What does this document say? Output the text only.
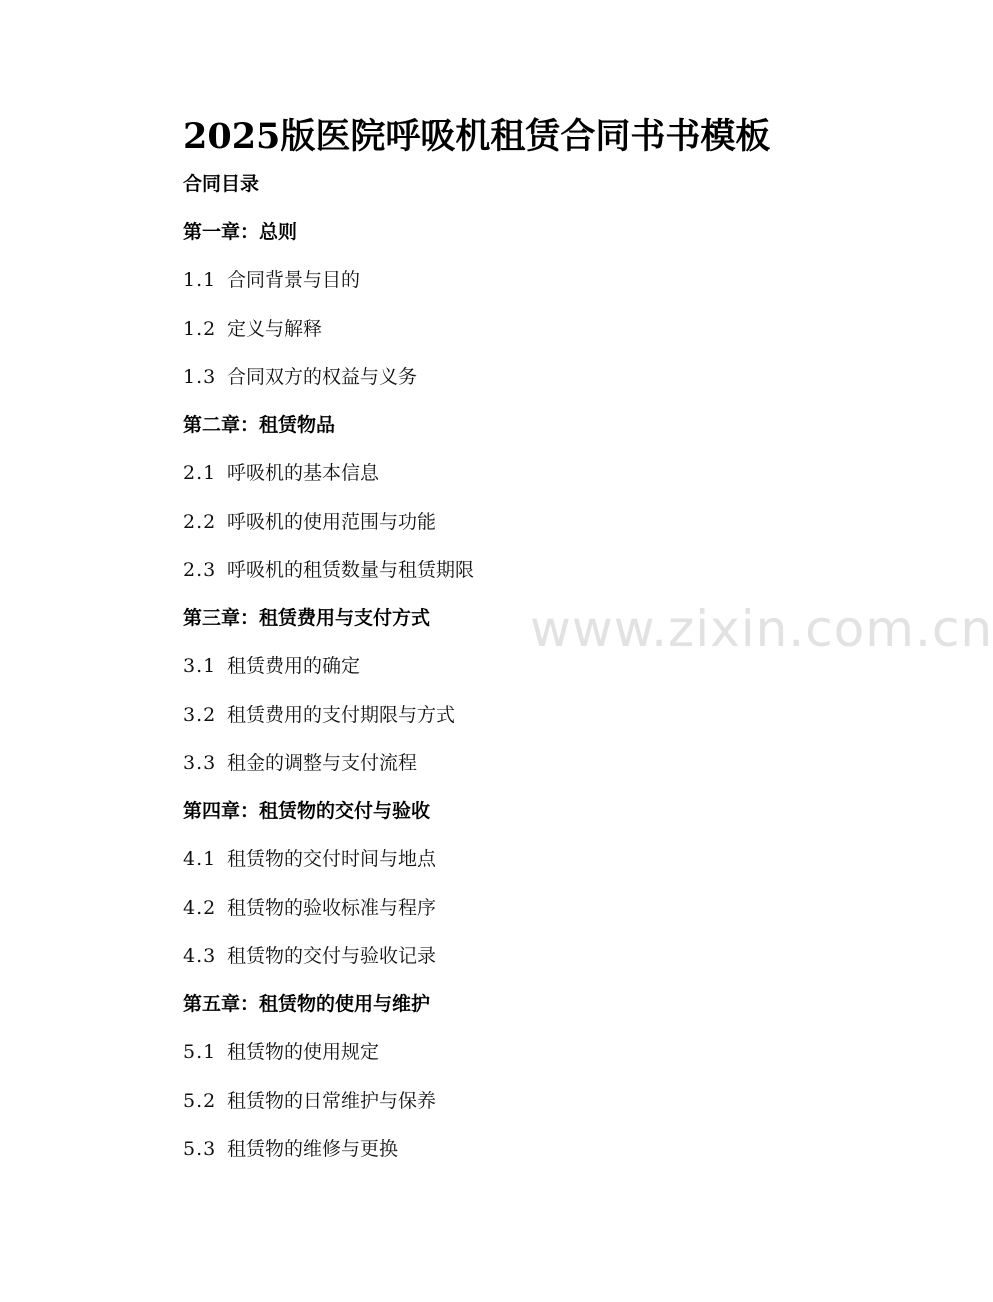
www.zixin.com.cn
2025版医院呼吸机租赁合同书书模板
合同目录
第一章：总则
1.1 合同背景与目的
1.2 定义与解释
1.3 合同双方的权益与义务
第二章：租赁物品
2.1 呼吸机的基本信息
2.2 呼吸机的使用范围与功能
2.3 呼吸机的租赁数量与租赁期限
第三章：租赁费用与支付方式
3.1 租赁费用的确定
3.2 租赁费用的支付期限与方式
3.3 租金的调整与支付流程
第四章：租赁物的交付与验收
4.1 租赁物的交付时间与地点
4.2 租赁物的验收标准与程序
4.3 租赁物的交付与验收记录
第五章：租赁物的使用与维护
5.1 租赁物的使用规定
5.2 租赁物的日常维护与保养
5.3 租赁物的维修与更换
